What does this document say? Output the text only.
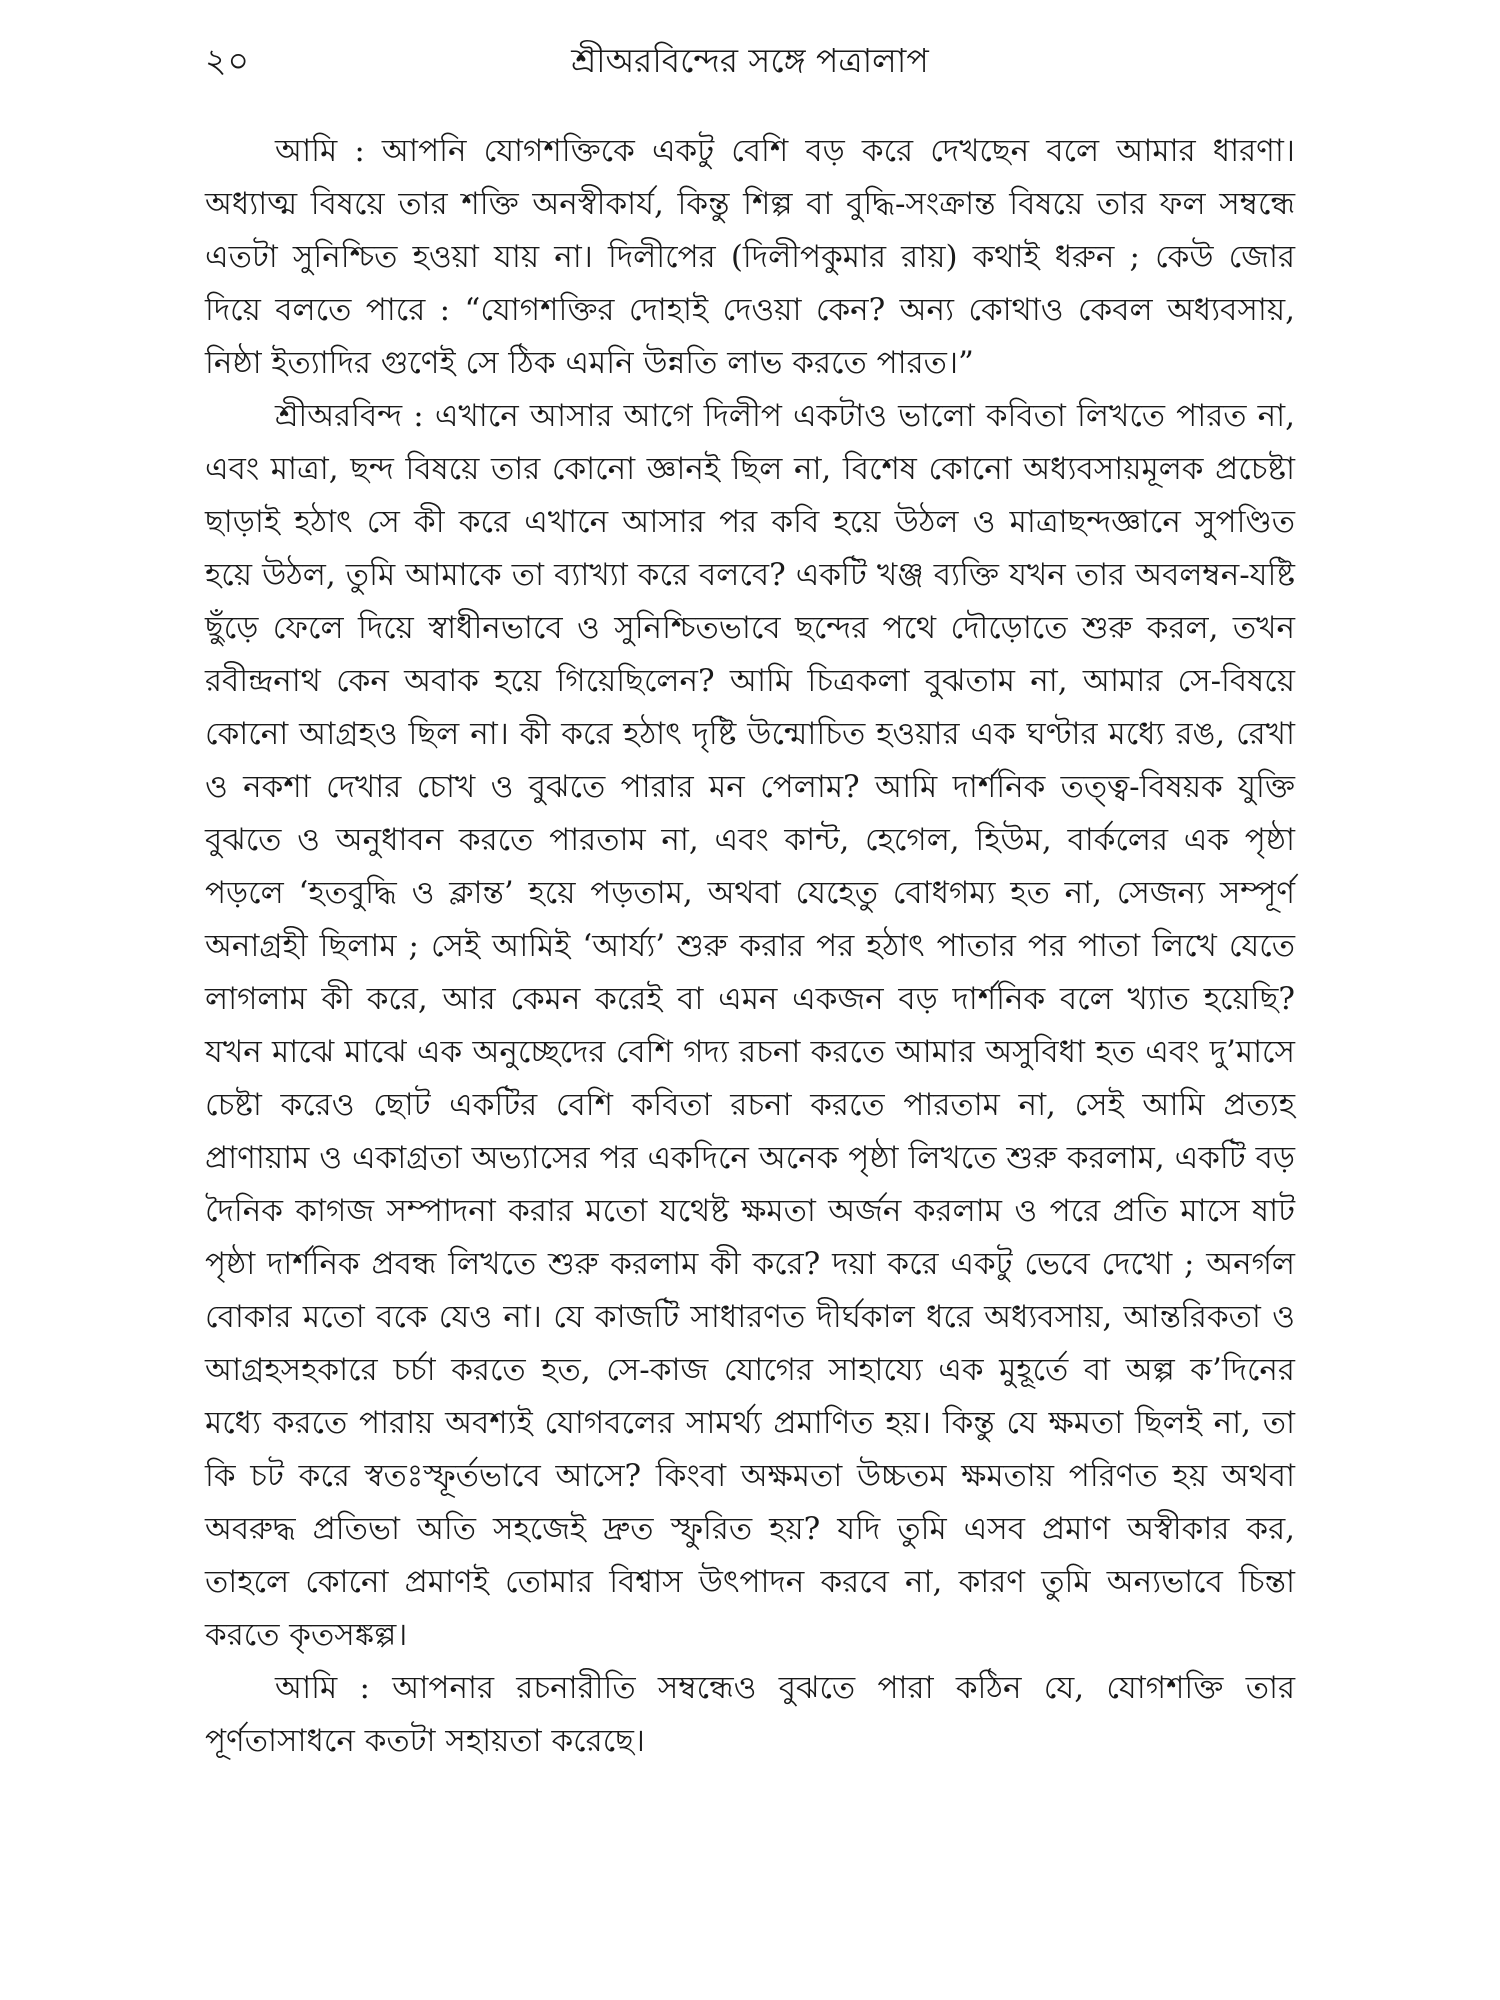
২০	শ্রীঅরবিন্দের সঙ্গে পত্রালাপ

আমি : আপনি যোগশক্তিকে একটু বেশি বড় করে দেখছেন বলে আমার ধারণা। অধ্যাত্ম বিষয়ে তার শক্তি অনস্বীকার্য, কিন্তু শিল্প বা বুদ্ধি-সংক্রান্ত বিষয়ে তার ফল সম্বন্ধে এতটা সুনিশ্চিত হওয়া যায় না। দিলীপের (দিলীপকুমার রায়) কথাই ধরুন ; কেউ জোর দিয়ে বলতে পারে : “যোগশক্তির দোহাই দেওয়া কেন? অন্য কোথাও কেবল অধ্যবসায়, নিষ্ঠা ইত্যাদির গুণেই সে ঠিক এমনি উন্নতি লাভ করতে পারত।”

শ্রীঅরবিন্দ : এখানে আসার আগে দিলীপ একটাও ভালো কবিতা লিখতে পারত না, এবং মাত্রা, ছন্দ বিষয়ে তার কোনো জ্ঞানই ছিল না, বিশেষ কোনো অধ্যবসায়মূলক প্রচেষ্টা ছাড়াই হঠাৎ সে কী করে এখানে আসার পর কবি হয়ে উঠল ও মাত্রাছন্দজ্ঞানে সুপণ্ডিত হয়ে উঠল, তুমি আমাকে তা ব্যাখ্যা করে বলবে? একটি খঞ্জ ব্যক্তি যখন তার অবলম্বন-যষ্টি ছুঁড়ে ফেলে দিয়ে স্বাধীনভাবে ও সুনিশ্চিতভাবে ছন্দের পথে দৌড়োতে শুরু করল, তখন রবীন্দ্রনাথ কেন অবাক হয়ে গিয়েছিলেন? আমি চিত্রকলা বুঝতাম না, আমার সে-বিষয়ে কোনো আগ্রহও ছিল না। কী করে হঠাৎ দৃষ্টি উন্মোচিত হওয়ার এক ঘণ্টার মধ্যে রঙ, রেখা ও নকশা দেখার চোখ ও বুঝতে পারার মন পেলাম? আমি দার্শনিক তত্ত্ব-বিষয়ক যুক্তি বুঝতে ও অনুধাবন করতে পারতাম না, এবং কান্ট, হেগেল, হিউম, বার্কলের এক পৃষ্ঠা পড়লে ‘হতবুদ্ধি ও ক্লান্ত’ হয়ে পড়তাম, অথবা যেহেতু বোধগম্য হত না, সেজন্য সম্পূর্ণ অনাগ্রহী ছিলাম ; সেই আমিই ‘আর্য্য’ শুরু করার পর হঠাৎ পাতার পর পাতা লিখে যেতে লাগলাম কী করে, আর কেমন করেই বা এমন একজন বড় দার্শনিক বলে খ্যাত হয়েছি? যখন মাঝে মাঝে এক অনুচ্ছেদের বেশি গদ্য রচনা করতে আমার অসুবিধা হত এবং দু’মাসে চেষ্টা করেও ছোট একটির বেশি কবিতা রচনা করতে পারতাম না, সেই আমি প্রত্যহ প্রাণায়াম ও একাগ্রতা অভ্যাসের পর একদিনে অনেক পৃষ্ঠা লিখতে শুরু করলাম, একটি বড় দৈনিক কাগজ সম্পাদনা করার মতো যথেষ্ট ক্ষমতা অর্জন করলাম ও পরে প্রতি মাসে ষাট পৃষ্ঠা দার্শনিক প্রবন্ধ লিখতে শুরু করলাম কী করে? দয়া করে একটু ভেবে দেখো ; অনর্গল বোকার মতো বকে যেও না। যে কাজটি সাধারণত দীর্ঘকাল ধরে অধ্যবসায়, আন্তরিকতা ও আগ্রহসহকারে চর্চা করতে হত, সে-কাজ যোগের সাহায্যে এক মুহূর্তে বা অল্প ক’দিনের মধ্যে করতে পারায় অবশ্যই যোগবলের সামর্থ্য প্রমাণিত হয়। কিন্তু যে ক্ষমতা ছিলই না, তা কি চট করে স্বতঃস্ফূর্তভাবে আসে? কিংবা অক্ষমতা উচ্চতম ক্ষমতায় পরিণত হয় অথবা অবরুদ্ধ প্রতিভা অতি সহজেই দ্রুত স্ফুরিত হয়? যদি তুমি এসব প্রমাণ অস্বীকার কর, তাহলে কোনো প্রমাণই তোমার বিশ্বাস উৎপাদন করবে না, কারণ তুমি অন্যভাবে চিন্তা করতে কৃতসঙ্কল্প।

আমি : আপনার রচনারীতি সম্বন্ধেও বুঝতে পারা কঠিন যে, যোগশক্তি তার পূর্ণতাসাধনে কতটা সহায়তা করেছে।
